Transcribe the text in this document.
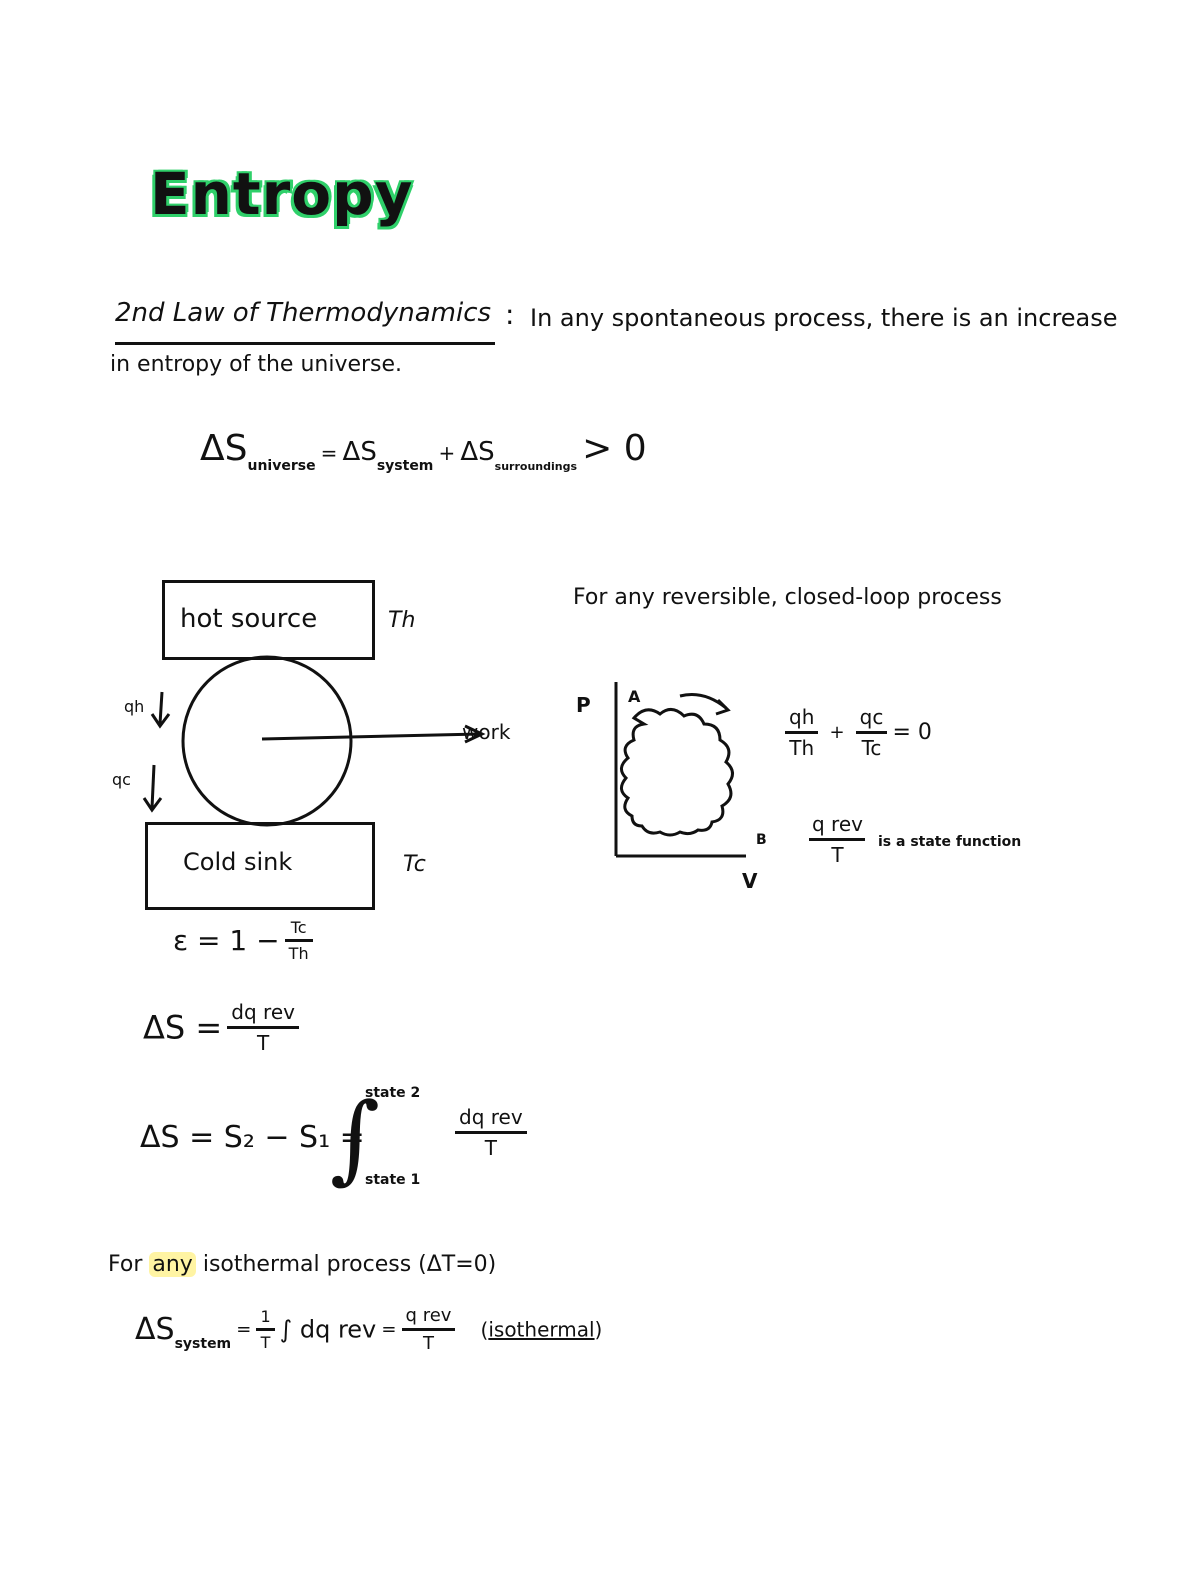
Entropy
2nd Law of Thermodynamics : In any spontaneous process, there is an increase
in entropy of the universe.
ΔSuniverse = ΔSsystem + $\Delta S_{surroundings} > 0$
hot source	Th
qh
qc
work
Cold sink	Tc
$\varepsilon = 1 - \frac{Tc}{Th}$
$\Delta S = \frac{\text{dq rev}}{T}$
ΔS = S₂ − S₁ =
∫
state 2
state 1
$\frac{\text{dq rev}}{T}$
For any isothermal process (ΔT=0)
ΔSsystem = $\frac{1}{T}$ ∫ dq rev = $\frac{\text{q rev}}{T}$ (isothermal)
For any reversible, closed-loop process
P
V
A
B
$\frac{qh}{Th} + \frac{qc}{Tc} = 0$
$\frac{\text{q rev}}{T}$ is a state function
